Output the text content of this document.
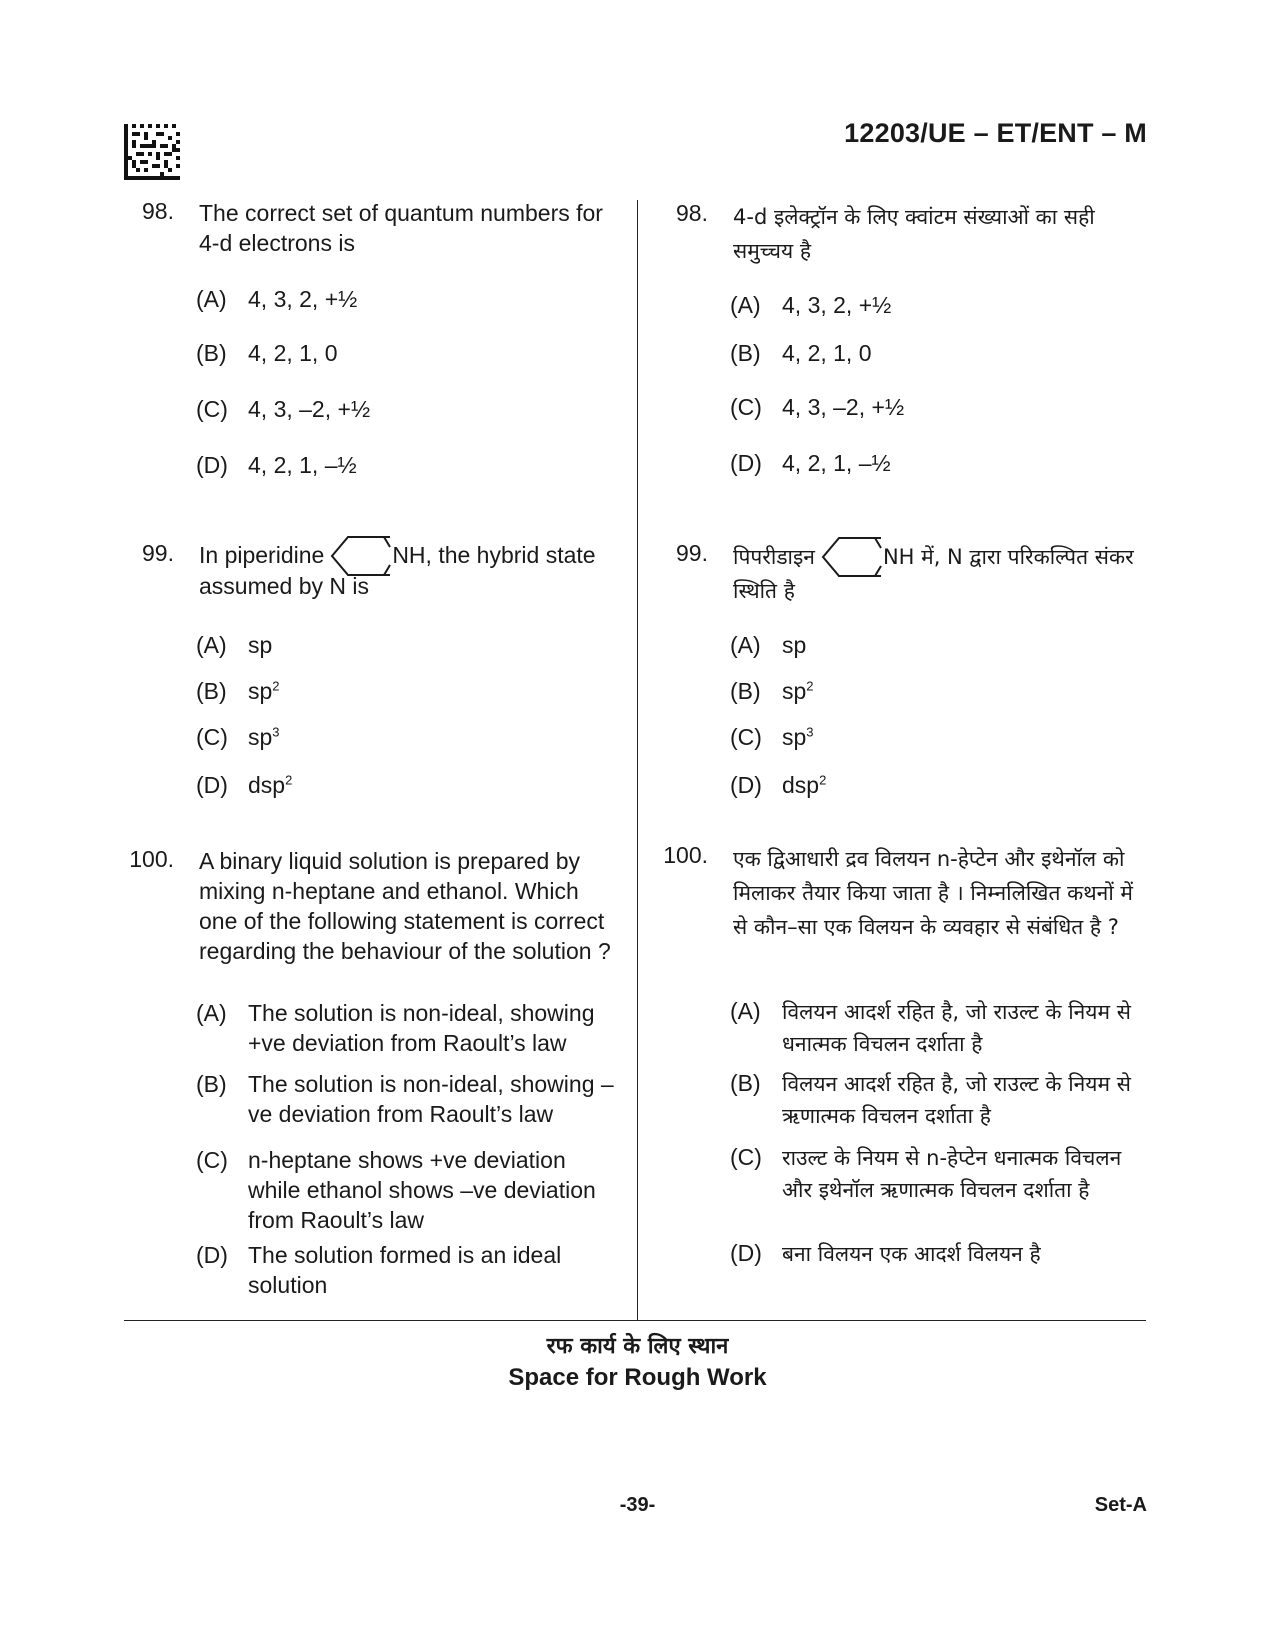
12203/UE – ET/ENT – M
98. The correct set of quantum numbers for 4-d electrons is
(A) 4, 3, 2, +½
(B) 4, 2, 1, 0
(C) 4, 3, –2, +½
(D) 4, 2, 1, –½
99. In piperidine	NH, the hybrid state assumed by N is
(A) sp
(B) $sp^2$
(C) $sp^3$
(D) dsp$^2$
100. A binary liquid solution is prepared by mixing n-heptane and ethanol. Which one of the following statement is correct regarding the behaviour of the solution ?
(A) The solution is non-ideal, showing +ve deviation from Raoult’s law
(B) The solution is non-ideal, showing –ve deviation from Raoult’s law
(C) n-heptane shows +ve deviation while ethanol shows –ve deviation from Raoult’s law
(D) The solution formed is an ideal solution
98. 4-d इलेक्ट्रॉन के लिए क्वांटम संख्याओं का सही समुच्चय है
(A) 4, 3, 2, +½
(B) 4, 2, 1, 0
(C) 4, 3, –2, +½
(D) 4, 2, 1, –½
99. पिपरीडाइन	NH में, N द्वारा परिकल्पित संकर स्थिति है
(A) sp
(B) $sp^2$
(C) $sp^3$
(D) dsp$^2$
100. एक द्विआधारी द्रव विलयन n-हेप्टेन और इथेनॉल को मिलाकर तैयार किया जाता है । निम्नलिखित कथनों में से कौन–सा एक विलयन के व्यवहार से संबंधित है ?
(A) विलयन आदर्श रहित है, जो राउल्ट के नियम से धनात्मक विचलन दर्शाता है
(B) विलयन आदर्श रहित है, जो राउल्ट के नियम से ऋणात्मक विचलन दर्शाता है
(C) राउल्ट के नियम से n-हेप्टेन धनात्मक विचलन और इथेनॉल ऋणात्मक विचलन दर्शाता है
(D) बना विलयन एक आदर्श विलयन है
रफ कार्य के लिए स्थान
Space for Rough Work
-39-	Set-A
